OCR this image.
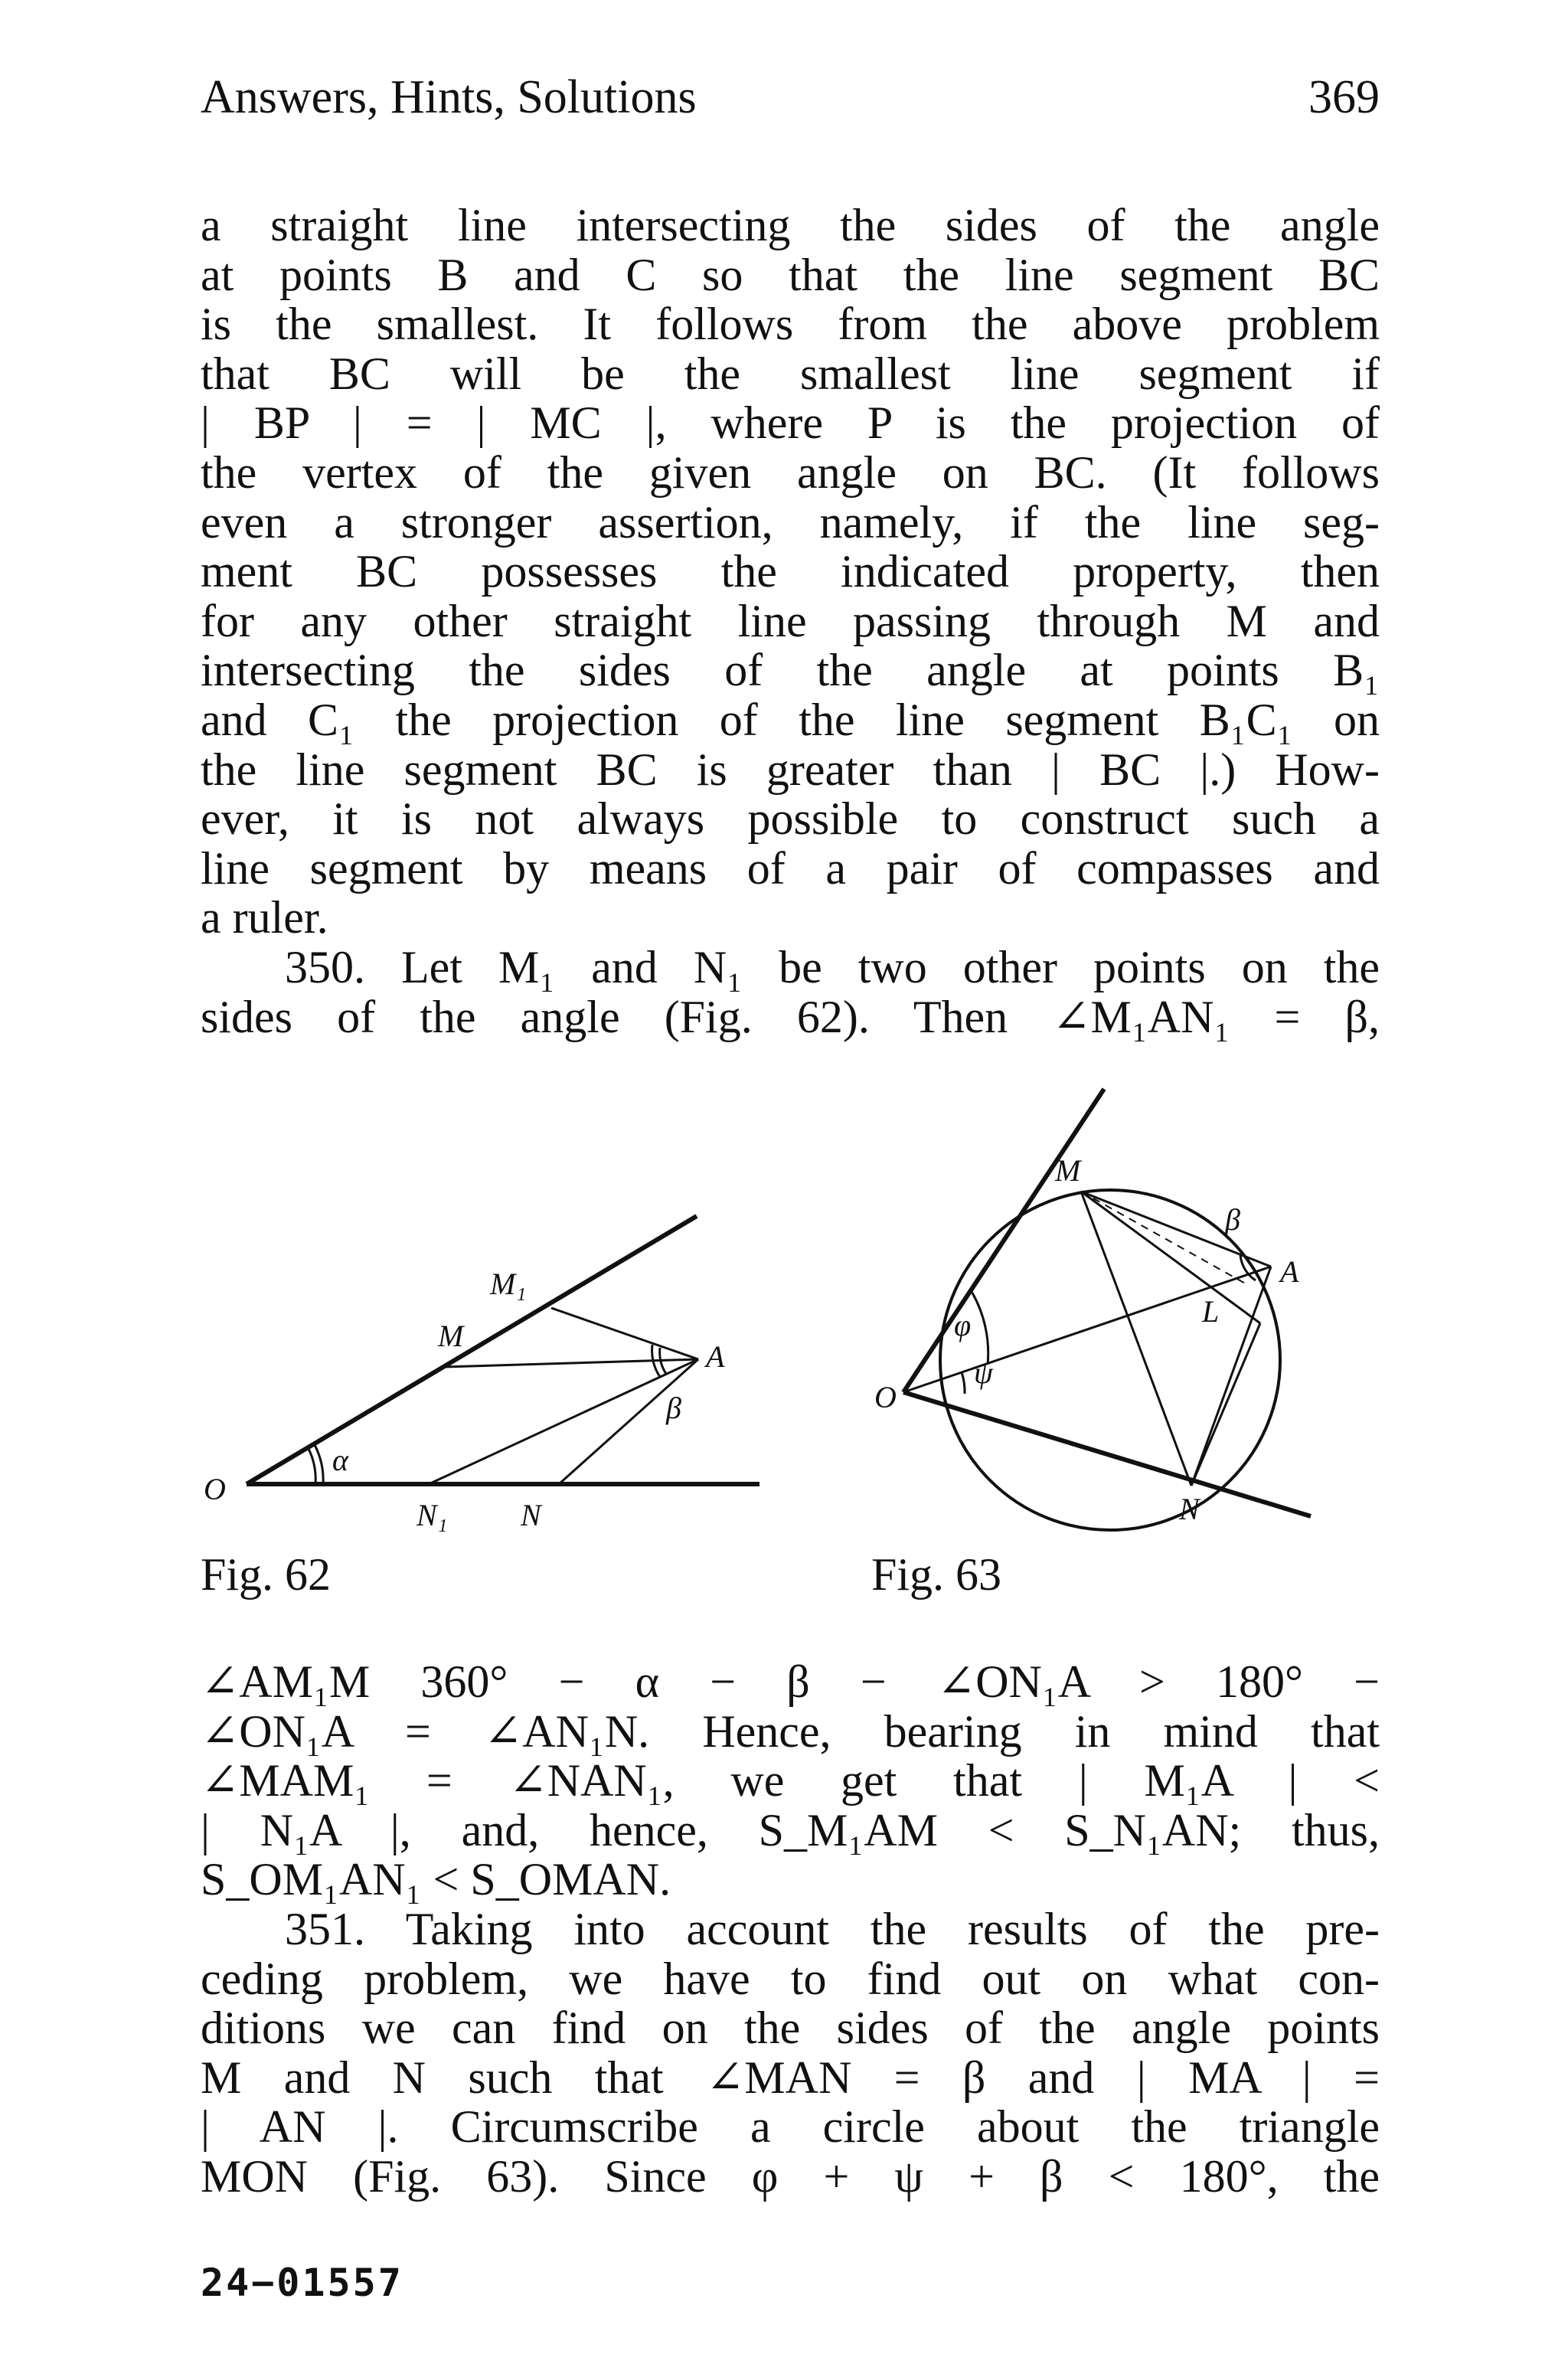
Answers, Hints, Solutions	369
a straight line intersecting the sides of the angle
at points B and C so that the line segment BC
is the smallest. It follows from the above problem
that BC will be the smallest line segment if
| BP | = | MC |, where P is the projection of
the vertex of the given angle on BC. (It follows
even a stronger assertion, namely, if the line seg-
ment BC possesses the indicated property, then
for any other straight line passing through M and
intersecting the sides of the angle at points B₁
and C₁ the projection of the line segment B₁C₁ on
the line segment BC is greater than | BC |.) How-
ever, it is not always possible to construct such a
line segment by means of a pair of compasses and
a ruler.
350. Let M₁ and N₁ be two other points on the
sides of the angle (Fig. 62). Then ∠M₁AN₁ = β,
O
M
M₁
N₁ N
A
α
β
M
O
N
A
L
φ
ψ
β
Fig. 62	Fig. 63
∠AM₁M 360° − α − β − ∠ON₁A > 180° −
∠ON₁A = ∠AN₁N. Hence, bearing in mind that
∠MAM₁ = ∠NAN₁, we get that | M₁A | <
| N₁A |, and, hence, S_M₁AM < S_N₁AN; thus,
S_OM₁AN₁ < S_OMAN.
351. Taking into account the results of the pre-
ceding problem, we have to find out on what con-
ditions we can find on the sides of the angle points
M and N such that ∠MAN = β and | MA | =
| AN |. Circumscribe a circle about the triangle
MON (Fig. 63). Since φ + ψ + β < 180°, the
24−01557
